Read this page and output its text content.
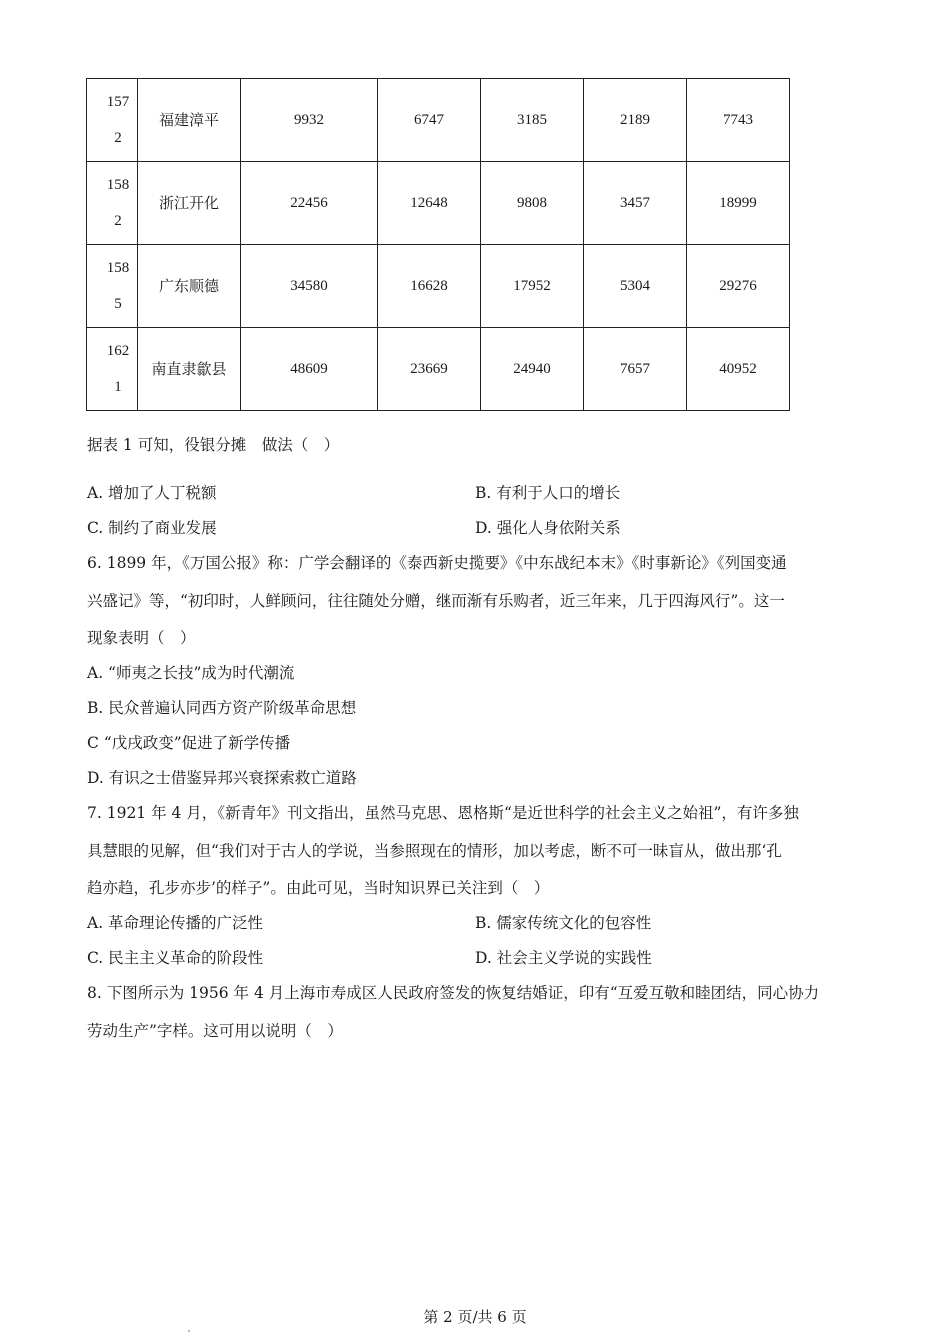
157
2	福建漳平	9932	6747	3185	2189	7743

158
2	浙江开化	22456	12648	9808	3457	18999

158
5	广东顺德	34580	16628	17952	5304	29276

162
1	南直隶歙县	48609	23669	24940	7657	40952
据表 1 可知，役银分摊　做法（　）
A. 增加了人丁税额	B. 有利于人口的增长
C. 制约了商业发展	D. 强化人身依附关系
6. 1899 年，《万国公报》称：广学会翻译的《泰西新史揽要》《中东战纪本末》《时事新论》《列国变通
兴盛记》等，“初印时，人鲜顾问，往往随处分赠，继而渐有乐购者，近三年来，几于四海风行”。这一
现象表明（　）
A. “师夷之长技”成为时代潮流
B. 民众普遍认同西方资产阶级革命思想
C “戊戌政变”促进了新学传播
D. 有识之士借鉴异邦兴衰探索救亡道路
7. 1921 年 4 月，《新青年》刊文指出，虽然马克思、恩格斯“是近世科学的社会主义之始祖”，有许多独
具慧眼的见解，但“我们对于古人的学说，当参照现在的情形，加以考虑，断不可一昧盲从，做出那‘孔
趋亦趋，孔步亦步’的样子”。由此可见，当时知识界已关注到（　）
A. 革命理论传播的广泛性	B. 儒家传统文化的包容性
C. 民主主义革命的阶段性	D. 社会主义学说的实践性
8. 下图所示为 1956 年 4 月上海市寿成区人民政府签发的恢复结婚证，印有“互爱互敬和睦团结，同心协力
劳动生产”字样。这可用以说明（　）
第 2 页/共 6 页
